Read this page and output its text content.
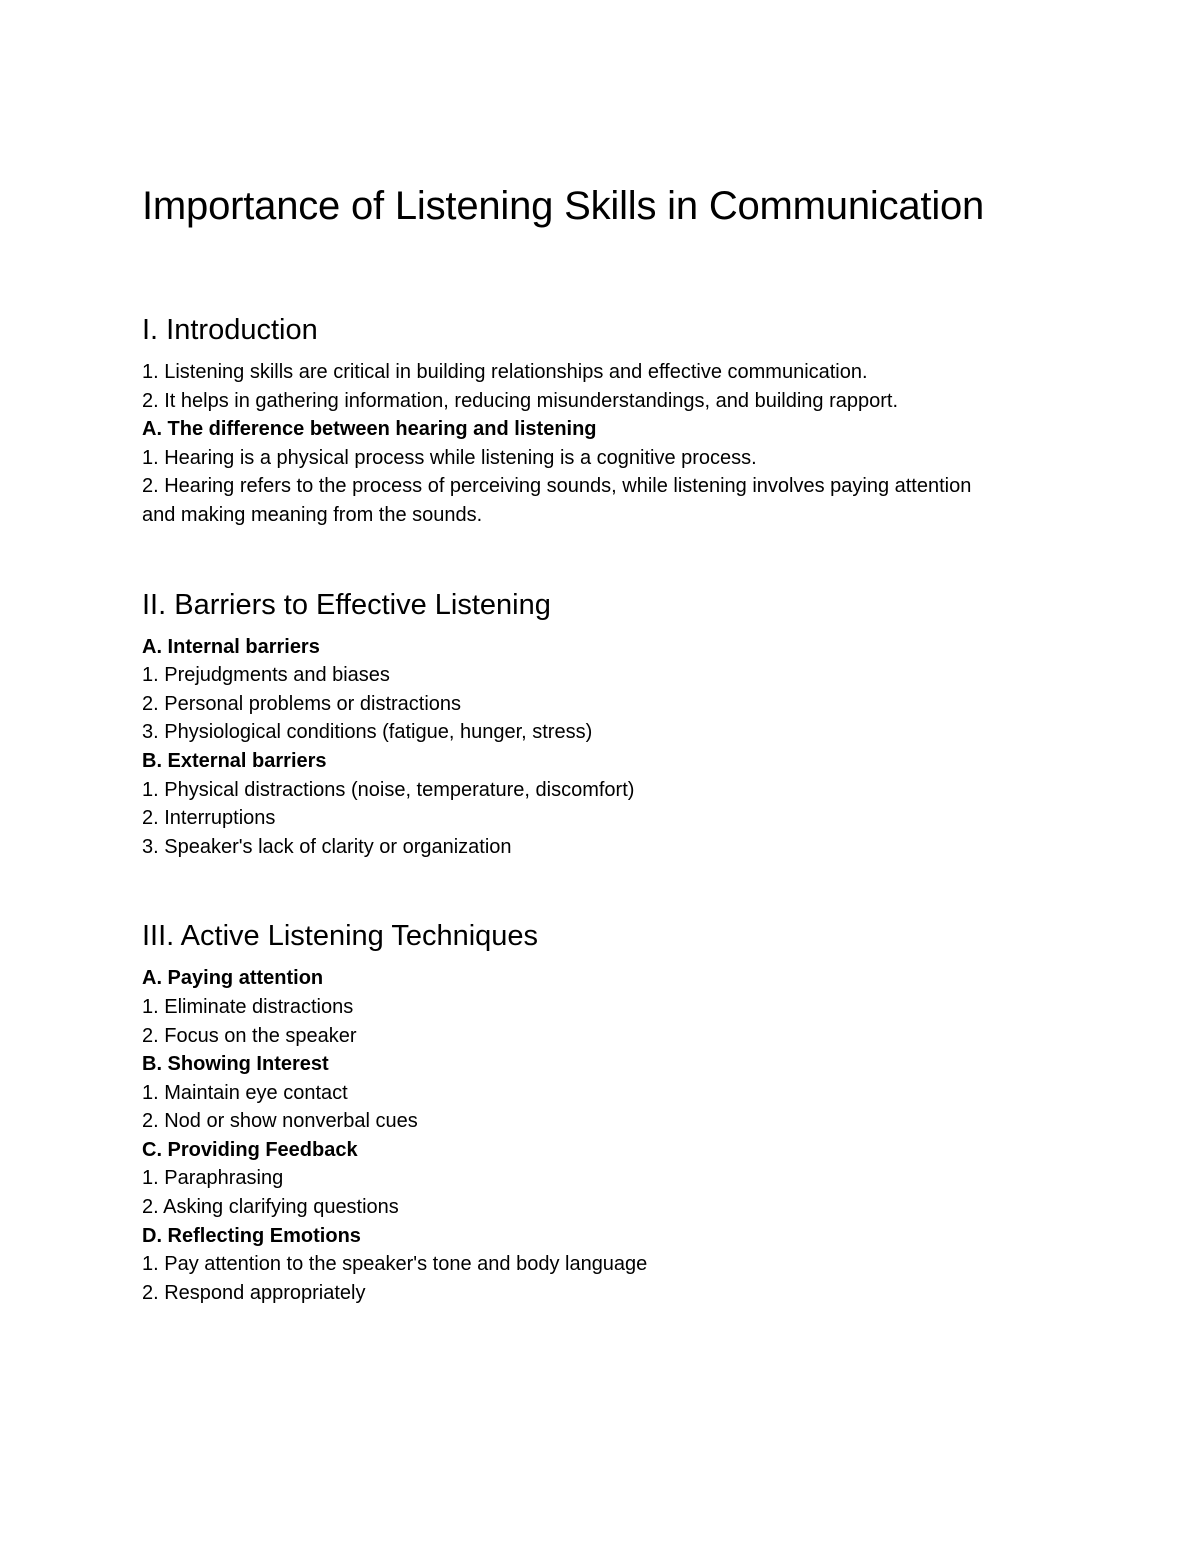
Importance of Listening Skills in Communication
I. Introduction

1. Listening skills are critical in building relationships and effective communication.

2. It helps in gathering information, reducing misunderstandings, and building rapport.

A. The difference between hearing and listening

1. Hearing is a physical process while listening is a cognitive process.

2. Hearing refers to the process of perceiving sounds, while listening involves paying attention

and making meaning from the sounds.

II. Barriers to Effective Listening

A. Internal barriers

1. Prejudgments and biases

2. Personal problems or distractions

3. Physiological conditions (fatigue, hunger, stress)

B. External barriers

1. Physical distractions (noise, temperature, discomfort)

2. Interruptions

3. Speaker's lack of clarity or organization

III. Active Listening Techniques

A. Paying attention

1. Eliminate distractions

2. Focus on the speaker

B. Showing Interest

1. Maintain eye contact

2. Nod or show nonverbal cues

C. Providing Feedback

1. Paraphrasing

2. Asking clarifying questions

D. Reflecting Emotions

1. Pay attention to the speaker's tone and body language

2. Respond appropriately
